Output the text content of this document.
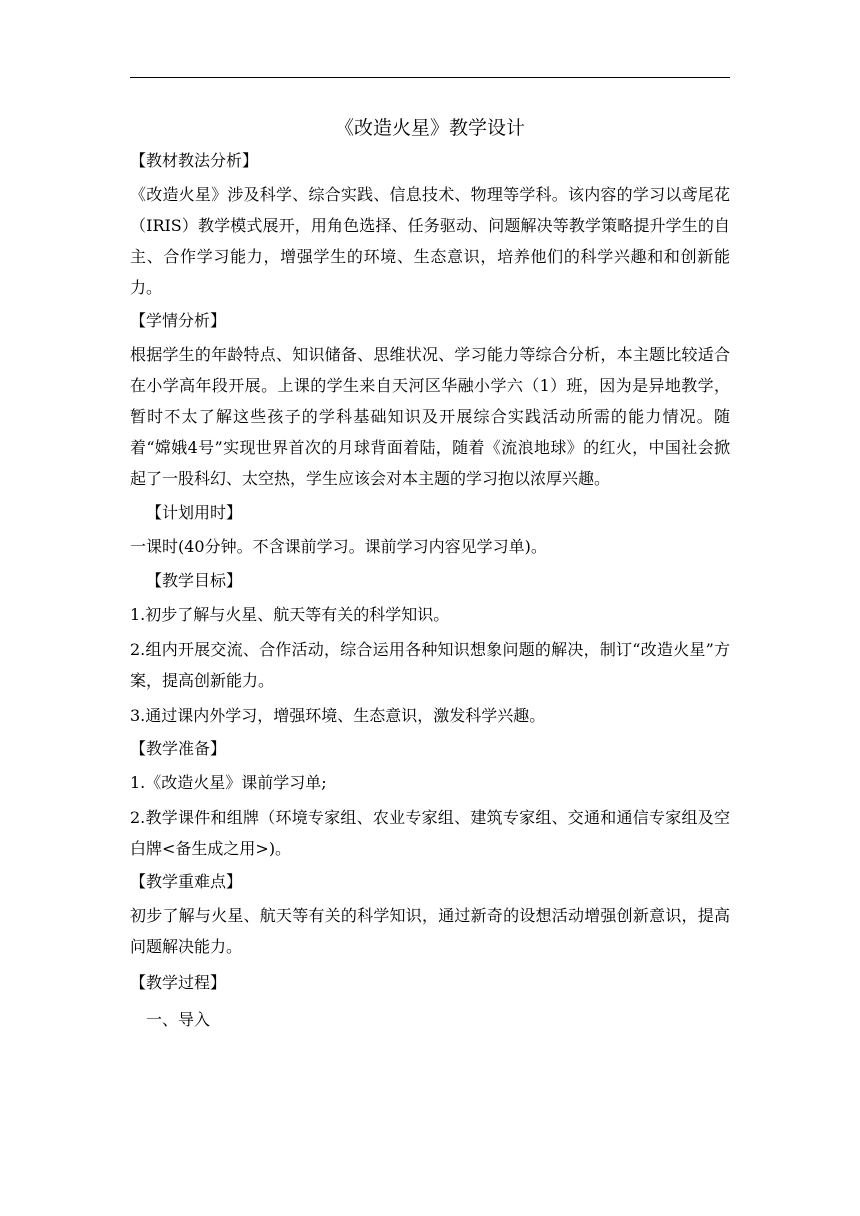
《改造火星》教学设计
【教材教法分析】

《改造火星》涉及科学、综合实践、信息技术、物理等学科。该内容的学习以鸢尾花（IRIS）教学模式展开，用角色选择、任务驱动、问题解决等教学策略提升学生的自主、合作学习能力，增强学生的环境、生态意识，培养他们的科学兴趣和和创新能力。

【学情分析】

根据学生的年龄特点、知识储备、思维状况、学习能力等综合分析，本主题比较适合在小学高年段开展。上课的学生来自天河区华融小学六（1）班，因为是异地教学，暂时不太了解这些孩子的学科基础知识及开展综合实践活动所需的能力情况。随着“嫦娥4号”实现世界首次的月球背面着陆，随着《流浪地球》的红火，中国社会掀起了一股科幻、太空热，学生应该会对本主题的学习抱以浓厚兴趣。

【计划用时】

一课时(40分钟。不含课前学习。课前学习内容见学习单)。

【教学目标】

1.初步了解与火星、航天等有关的科学知识。

2.组内开展交流、合作活动，综合运用各种知识想象问题的解决，制订“改造火星”方案，提高创新能力。

3.通过课内外学习，增强环境、生态意识，激发科学兴趣。

【教学准备】

1.《改造火星》课前学习单;

2.教学课件和组牌（环境专家组、农业专家组、建筑专家组、交通和通信专家组及空白牌<备生成之用>)。

【教学重难点】

初步了解与火星、航天等有关的科学知识，通过新奇的设想活动增强创新意识，提高问题解决能力。

【教学过程】

一、导入
